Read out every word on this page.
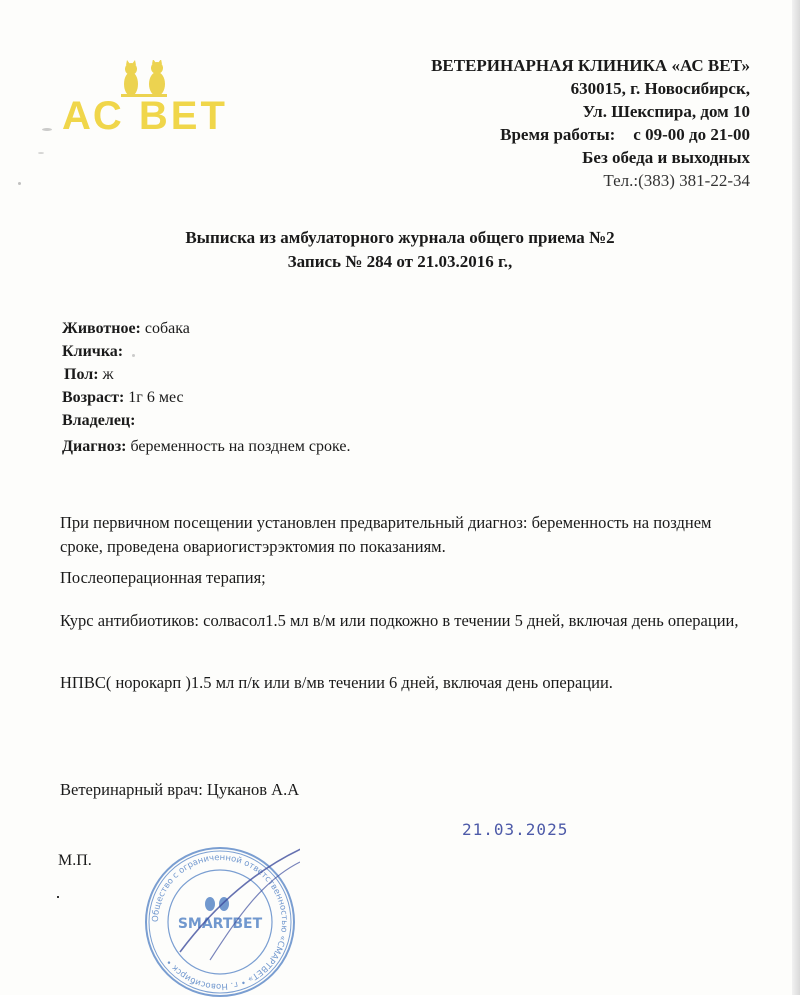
АС ВЕТ
ВЕТЕРИНАРНАЯ КЛИНИКА «АС ВЕТ»
630015, г. Новосибирск,
Ул. Шекспира, дом 10
Время работы: с 09-00 до 21-00
Без обеда и выходных
Тел.:(383) 381-22-34
Выписка из амбулаторного журнала общего приема №2
Запись № 284 от 21.03.2016 г.,
Животное: собака
Кличка:
Пол: ж
Возраст: 1г 6 мес
Владелец:
Диагноз: беременность на позднем сроке.
При первичном посещении установлен предварительный диагноз: беременность на позднем сроке, проведена овариогистэрэктомия по показаниям.
Послеоперационная терапия;
Курс антибиотиков: солвасол1.5 мл в/м или подкожно в течении 5 дней, включая день операции,
НПВС( норокарп )1.5 мл п/к или в/мв течении 6 дней, включая день операции.
Ветеринарный врач: Цуканов А.А
21.03.2025
М.П.
Общество с ограниченной ответственностью «СМАРТВЕТ» • г. Новосибирск •
SMARTВЕТ
